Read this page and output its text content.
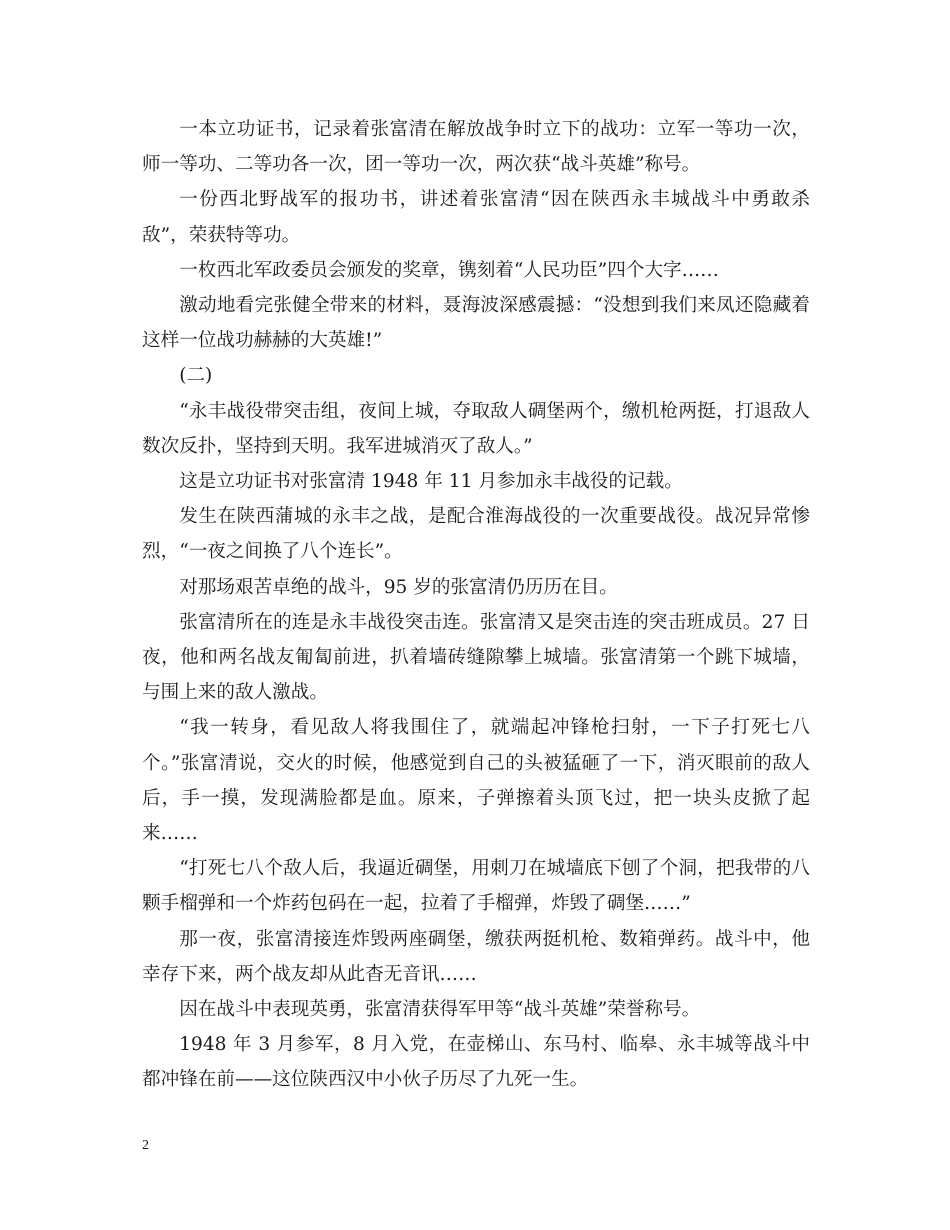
一本立功证书，记录着张富清在解放战争时立下的战功：立军一等功一次，师一等功、二等功各一次，团一等功一次，两次获“战斗英雄”称号。

一份西北野战军的报功书，讲述着张富清“因在陕西永丰城战斗中勇敢杀敌”，荣获特等功。

一枚西北军政委员会颁发的奖章，镌刻着“人民功臣”四个大字……

激动地看完张健全带来的材料，聂海波深感震撼：“没想到我们来凤还隐藏着这样一位战功赫赫的大英雄!”

(二)

“永丰战役带突击组，夜间上城，夺取敌人碉堡两个，缴机枪两挺，打退敌人数次反扑，坚持到天明。我军进城消灭了敌人。”

这是立功证书对张富清 1948 年 11 月参加永丰战役的记载。

发生在陕西蒲城的永丰之战，是配合淮海战役的一次重要战役。战况异常惨烈，“一夜之间换了八个连长”。

对那场艰苦卓绝的战斗，95 岁的张富清仍历历在目。

张富清所在的连是永丰战役突击连。张富清又是突击连的突击班成员。27 日夜，他和两名战友匍匐前进，扒着墙砖缝隙攀上城墙。张富清第一个跳下城墙，与围上来的敌人激战。

“我一转身，看见敌人将我围住了，就端起冲锋枪扫射，一下子打死七八个。”张富清说，交火的时候，他感觉到自己的头被猛砸了一下，消灭眼前的敌人后，手一摸，发现满脸都是血。原来，子弹擦着头顶飞过，把一块头皮掀了起来……

“打死七八个敌人后，我逼近碉堡，用刺刀在城墙底下刨了个洞，把我带的八颗手榴弹和一个炸药包码在一起，拉着了手榴弹，炸毁了碉堡……”

那一夜，张富清接连炸毁两座碉堡，缴获两挺机枪、数箱弹药。战斗中，他幸存下来，两个战友却从此杳无音讯……

因在战斗中表现英勇，张富清获得军甲等“战斗英雄”荣誉称号。

1948 年 3 月参军，8 月入党，在壶梯山、东马村、临皋、永丰城等战斗中都冲锋在前——这位陕西汉中小伙子历尽了九死一生。

2
